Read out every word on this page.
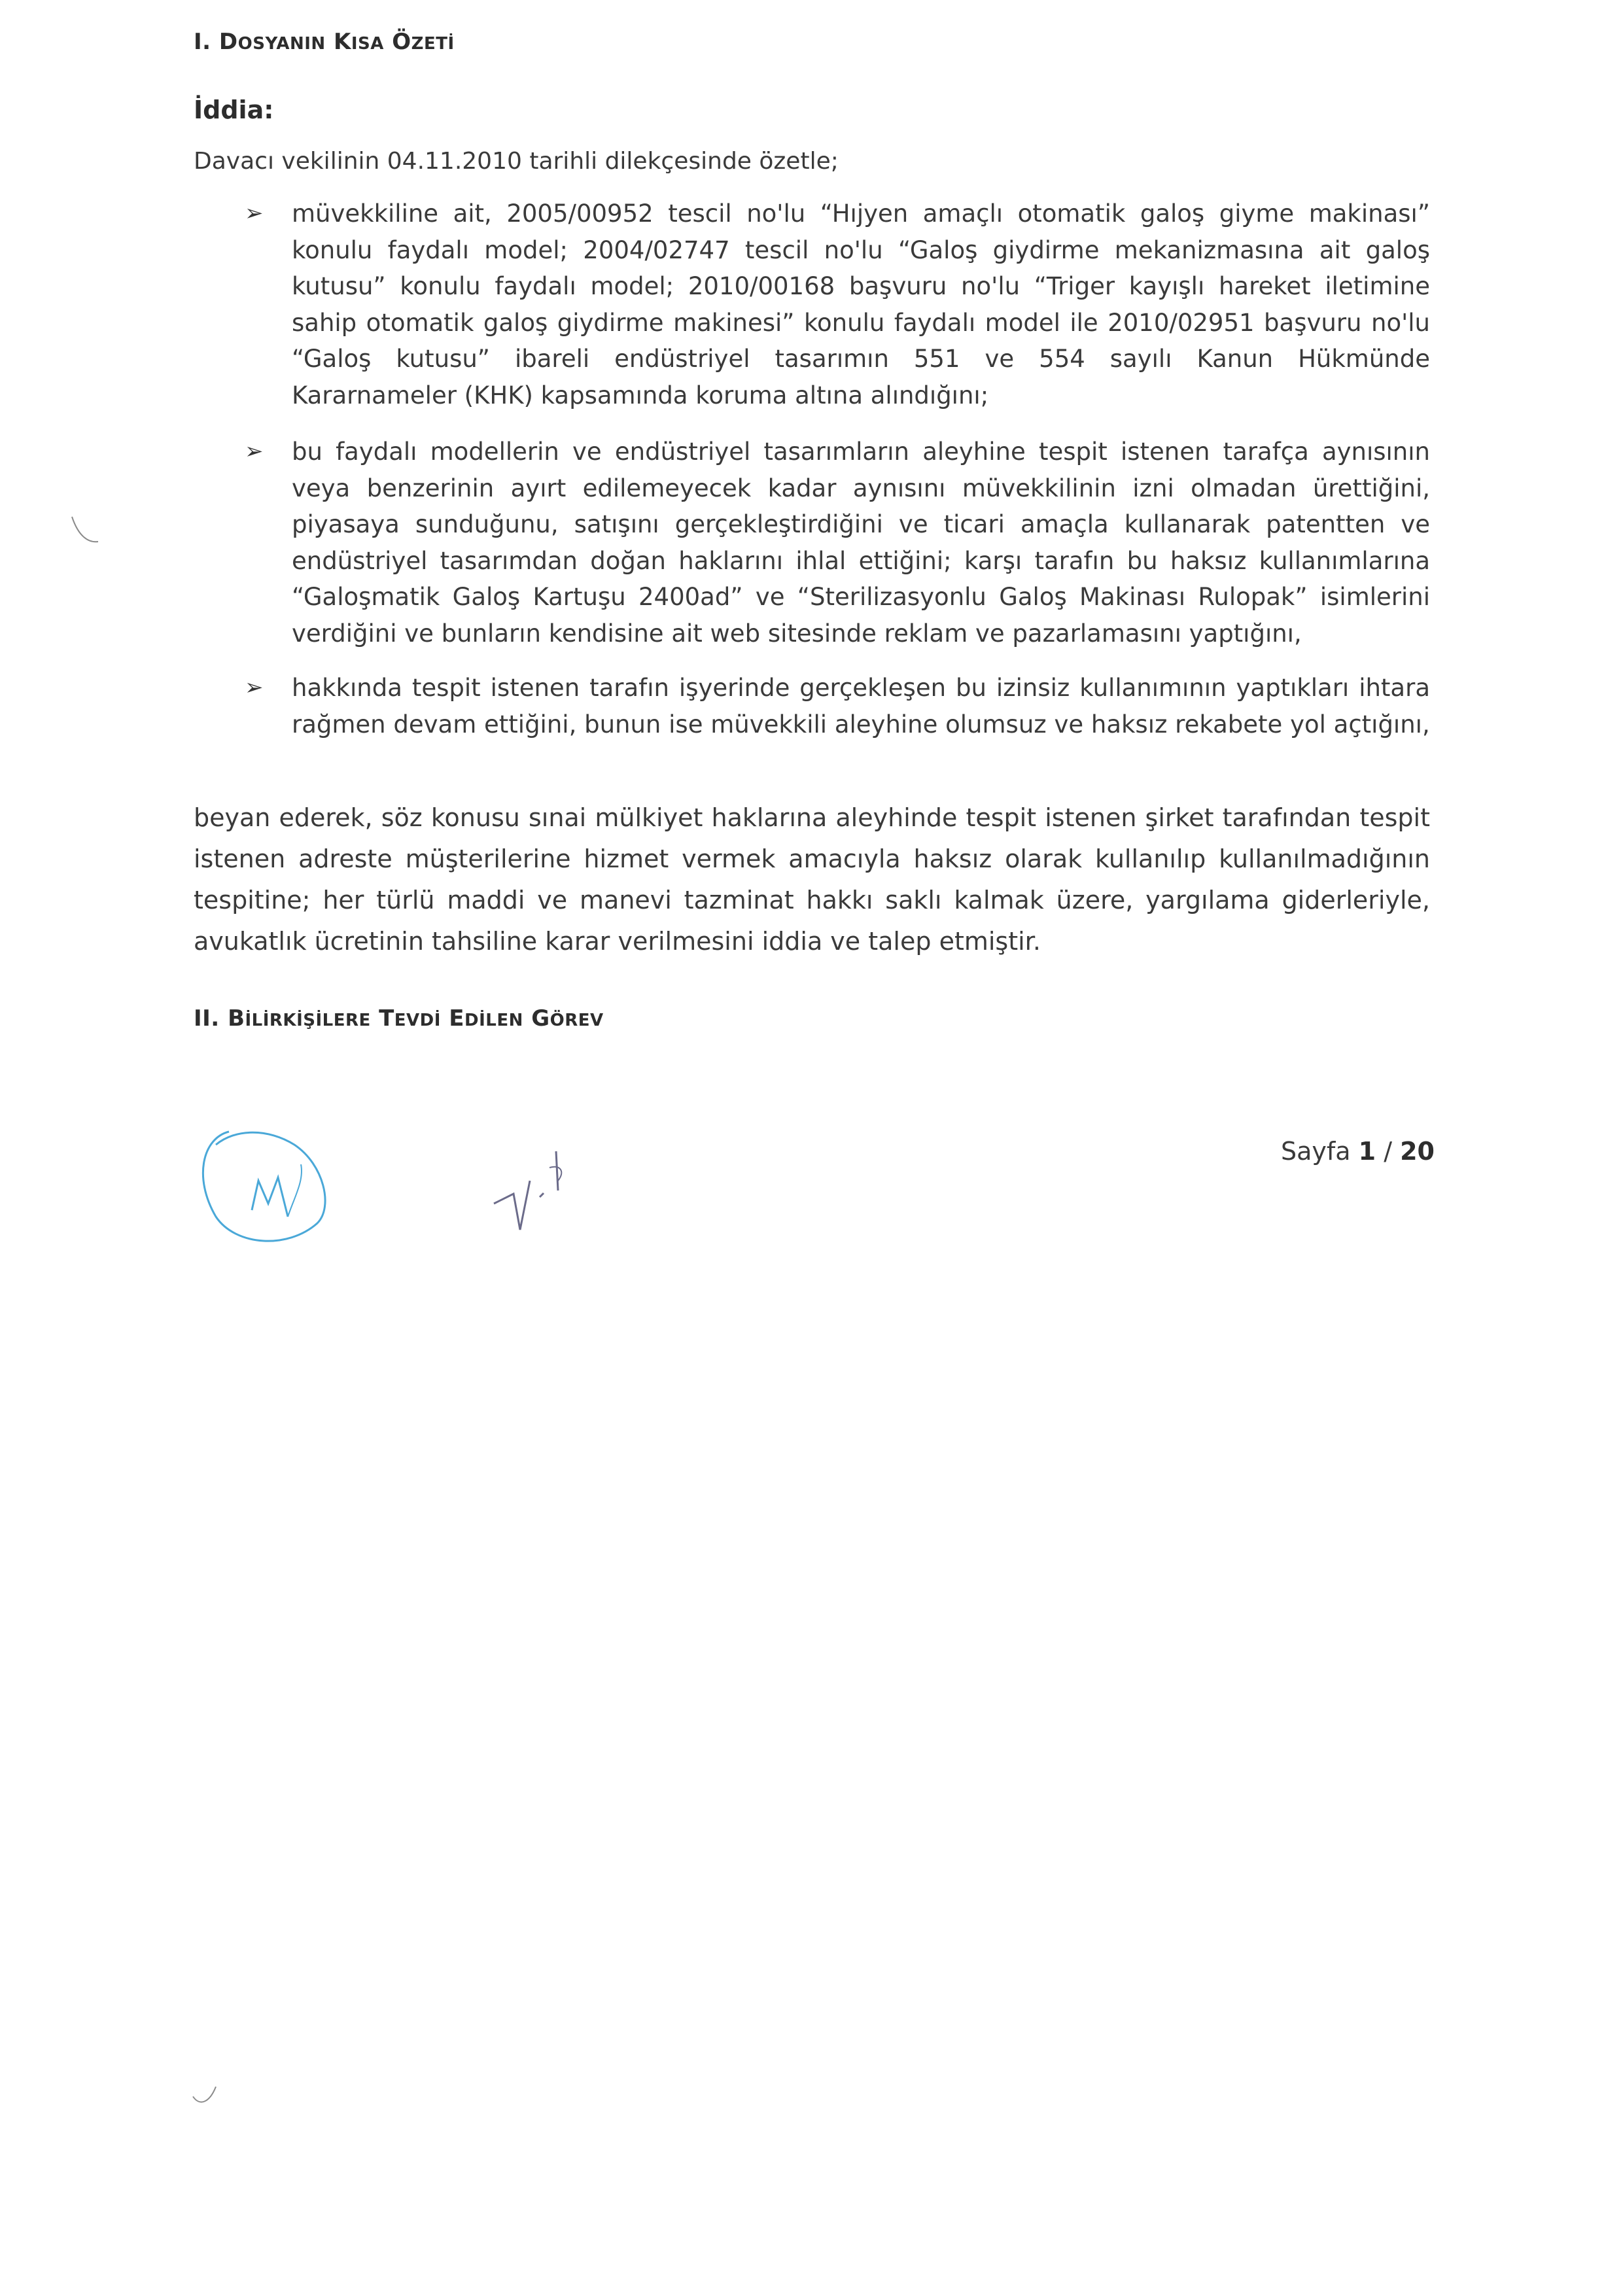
I. DOSYANIN KISA ÖZETİ
İddia:
Davacı vekilinin 04.11.2010 tarihli dilekçesinde özetle;
➢ müvekkiline ait, 2005/00952 tescil no'lu “Hıjyen amaçlı otomatik galoş giyme makinası” konulu faydalı model; 2004/02747 tescil no'lu “Galoş giydirme mekanizmasına ait galoş kutusu” konulu faydalı model; 2010/00168 başvuru no'lu “Triger kayışlı hareket iletimine sahip otomatik galoş giydirme makinesi” konulu faydalı model ile 2010/02951 başvuru no'lu “Galoş kutusu” ibareli endüstriyel tasarımın 551 ve 554 sayılı Kanun Hükmünde Kararnameler (KHK) kapsamında koruma altına alındığını;
➢ bu faydalı modellerin ve endüstriyel tasarımların aleyhine tespit istenen tarafça aynısının veya benzerinin ayırt edilemeyecek kadar aynısını müvekkilinin izni olmadan ürettiğini, piyasaya sunduğunu, satışını gerçekleştirdiğini ve ticari amaçla kullanarak patentten ve endüstriyel tasarımdan doğan haklarını ihlal ettiğini; karşı tarafın bu haksız kullanımlarına “Galoşmatik Galoş Kartuşu 2400ad” ve “Sterilizasyonlu Galoş Makinası Rulopak” isimlerini verdiğini ve bunların kendisine ait web sitesinde reklam ve pazarlamasını yaptığını,
➢ hakkında tespit istenen tarafın işyerinde gerçekleşen bu izinsiz kullanımının yaptıkları ihtara rağmen devam ettiğini, bunun ise müvekkili aleyhine olumsuz ve haksız rekabete yol açtığını,

beyan ederek, söz konusu sınai mülkiyet haklarına aleyhinde tespit istenen şirket tarafından tespit istenen adreste müşterilerine hizmet vermek amacıyla haksız olarak kullanılıp kullanılmadığının tespitine; her türlü maddi ve manevi tazminat hakkı saklı kalmak üzere, yargılama giderleriyle, avukatlık ücretinin tahsiline karar verilmesini iddia ve talep etmiştir.

II. BİLİRKİŞİLERE TEVDİ EDİLEN GÖREV
Sayfa 1 / 20
